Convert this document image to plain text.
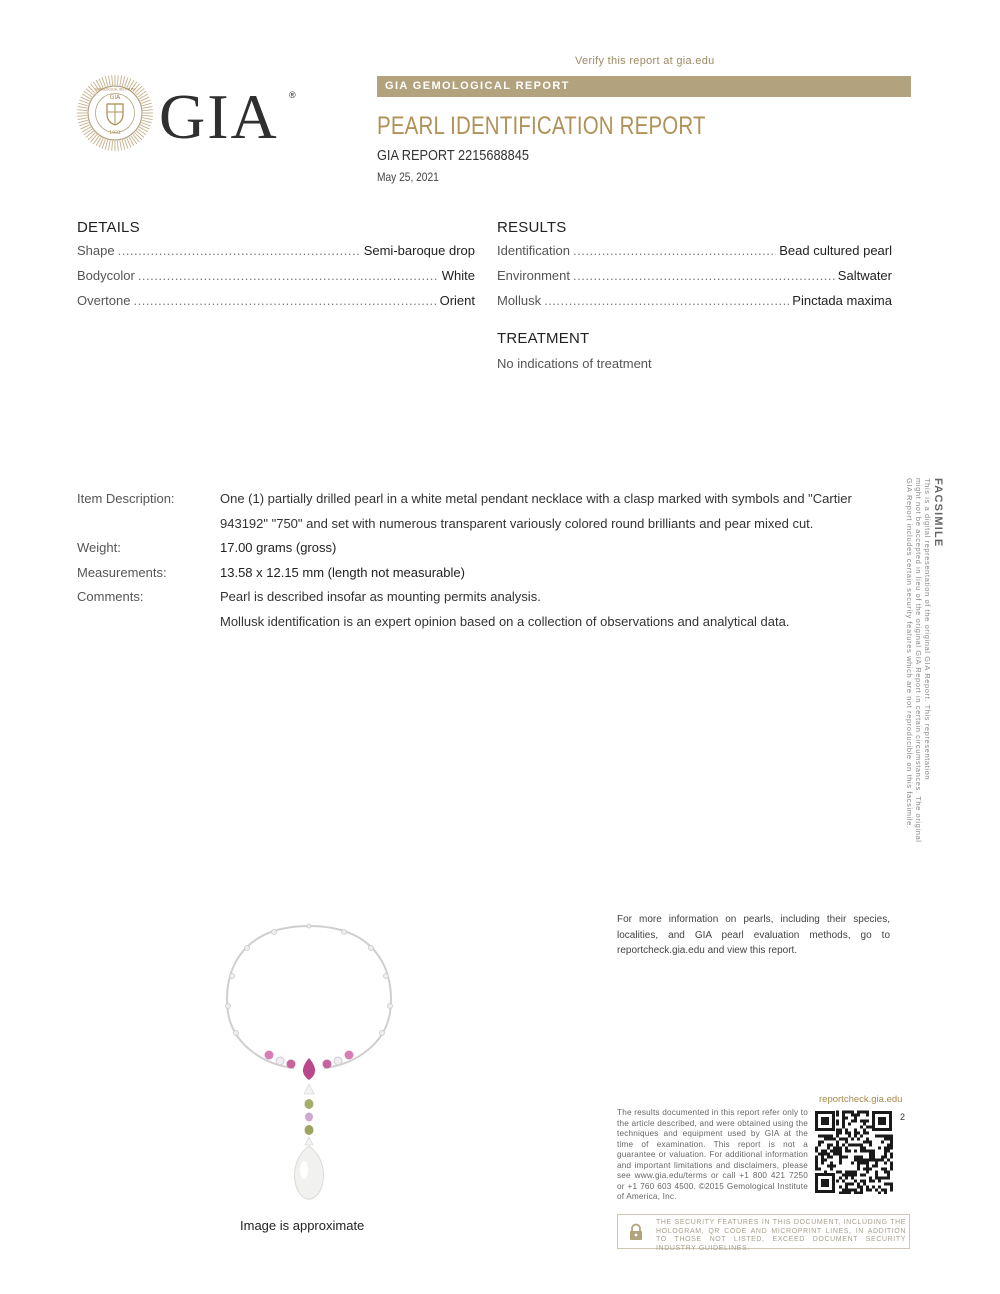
Verify this report at gia.edu
GIA
1931
GEMOLOGICAL INSTITUTE GIA ®
GIA GEMOLOGICAL REPORT
PEARL IDENTIFICATION REPORT
GIA REPORT 2215688845
May 25, 2021
DETAILS
Shape .....	Semi-baroque drop
Bodycolor .....	White
Overtone .....	Orient
RESULTS
Identification .....	Bead cultured pearl
Environment .....	Saltwater
Mollusk .....	Pinctada maxima
TREATMENT
No indications of treatment
Item Description:	One (1) partially drilled pearl in a white metal pendant necklace with a clasp marked with symbols and "Cartier 943192" "750" and set with numerous transparent variously colored round brilliants and pear mixed cut.
Weight:	17.00 grams (gross)
Measurements:	13.58 x 12.15 mm (length not measurable)
Comments:	Pearl is described insofar as mounting permits analysis.
Mollusk identification is an expert opinion based on a collection of observations and analytical data.
FACSIMILE
This is a digital representation of the original GIA Report. This representation
might not be accepted in lieu of the original GIA Report in certain circumstances. The original
GIA Report includes certain security features which are not reproducible on this facsimile.
Image is approximate
For more information on pearls, including their species, localities, and GIA pearl evaluation methods, go to reportcheck.gia.edu and view this report.
reportcheck.gia.edu
2
The results documented in this report refer only to the article described, and were obtained using the techniques and equipment used by GIA at the time of examination. This report is not a guarantee or valuation. For additional information and important limitations and disclaimers, please see www.gia.edu/terms or call +1 800 421 7250 or +1 760 603 4500. ©2015 Gemological Institute of America, Inc.
THE SECURITY FEATURES IN THIS DOCUMENT, INCLUDING THE HOLOGRAM, QR CODE AND MICROPRINT LINES, IN ADDITION TO THOSE NOT LISTED, EXCEED DOCUMENT SECURITY INDUSTRY GUIDELINES.
